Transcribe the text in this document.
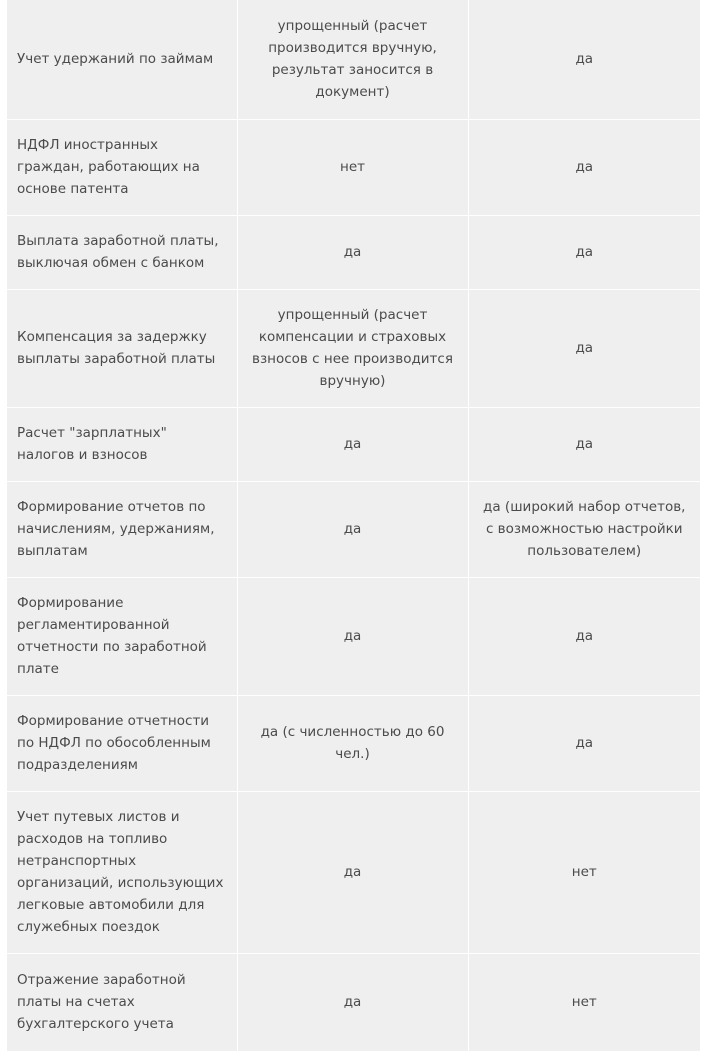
Учет удержаний по займам	упрощенный (расчет производится вручную, результат заносится в документ)	да
НДФЛ иностранных граждан, работающих на основе патента	нет	да
Выплата заработной платы, выключая обмен с банком	да	да
Компенсация за задержку выплаты заработной платы	упрощенный (расчет компенсации и страховых взносов с нее производится вручную)	да
Расчет "зарплатных" налогов и взносов	да	да
Формирование отчетов по начислениям, удержаниям, выплатам	да	да (широкий набор отчетов, с возможностью настройки пользователем)
Формирование регламентированной отчетности по заработной плате	да	да
Формирование отчетности по НДФЛ по обособленным подразделениям	да (с численностью до 60 чел.)	да
Учет путевых листов и расходов на топливо нетранспортных организаций, использующих легковые автомобили для служебных поездок	да	нет
Отражение заработной платы на счетах бухгалтерского учета	да	нет
